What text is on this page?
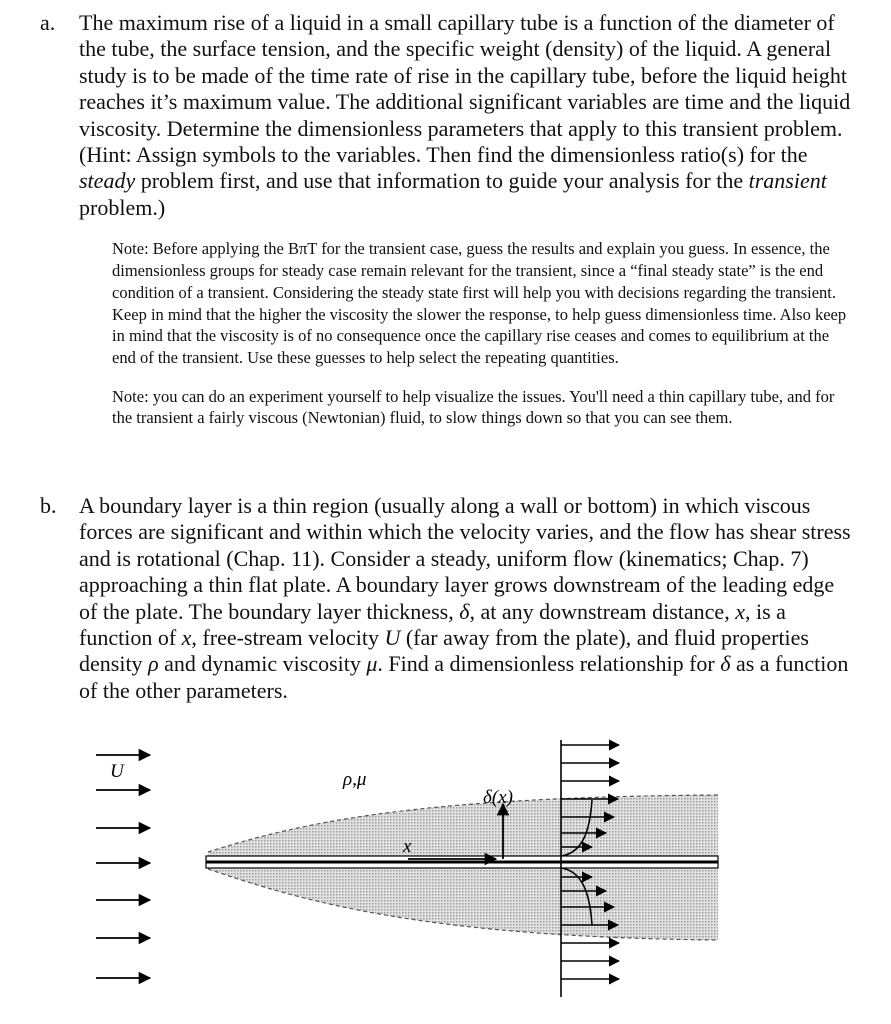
a. The maximum rise of a liquid in a small capillary tube is a function of the diameter of the tube, the surface tension, and the specific weight (density) of the liquid. A general study is to be made of the time rate of rise in the capillary tube, before the liquid height reaches it’s maximum value. The additional significant variables are time and the liquid viscosity. Determine the dimensionless parameters that apply to this transient problem. (Hint: Assign symbols to the variables. Then find the dimensionless ratio(s) for the steady problem first, and use that information to guide your analysis for the transient problem.)

Note: Before applying the BπT for the transient case, guess the results and explain you guess. In essence, the dimensionless groups for steady case remain relevant for the transient, since a “final steady state” is the end condition of a transient. Considering the steady state first will help you with decisions regarding the transient. Keep in mind that the higher the viscosity the slower the response, to help guess dimensionless time. Also keep in mind that the viscosity is of no consequence once the capillary rise ceases and comes to equilibrium at the end of the transient. Use these guesses to help select the repeating quantities.

Note: you can do an experiment yourself to help visualize the issues. You'll need a thin capillary tube, and for the transient a fairly viscous (Newtonian) fluid, to slow things down so that you can see them.

b. A boundary layer is a thin region (usually along a wall or bottom) in which viscous forces are significant and within which the velocity varies, and the flow has shear stress and is rotational (Chap. 11). Consider a steady, uniform flow (kinematics; Chap. 7) approaching a thin flat plate. A boundary layer grows downstream of the leading edge of the plate. The boundary layer thickness, δ, at any downstream distance, x, is a function of x, free-stream velocity U (far away from the plate), and fluid properties density ρ and dynamic viscosity μ. Find a dimensionless relationship for δ as a function of the other parameters.
U	ρ,μ
x
δ(x)
